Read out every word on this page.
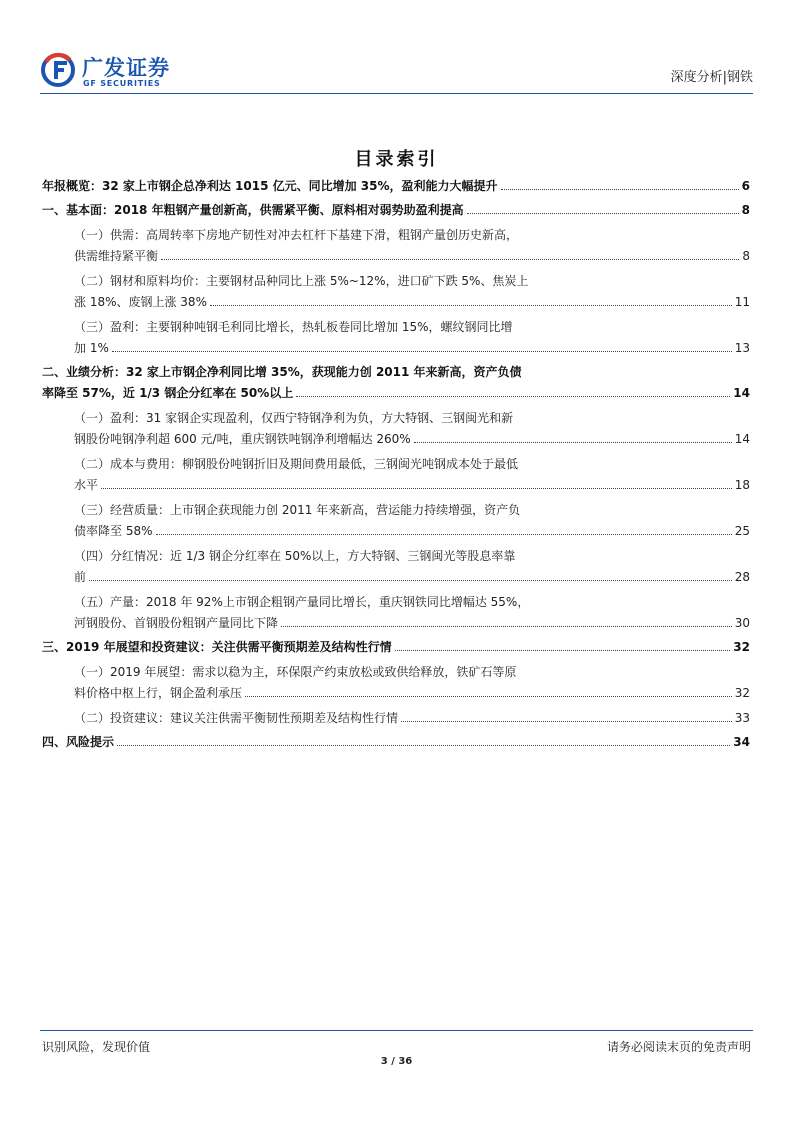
广发证券
GF SECURITIES	深度分析|钢铁
目录索引
年报概览：32 家上市钢企总净利达 1015 亿元、同比增加 35%，盈利能力大幅提升	6
一、基本面：2018 年粗钢产量创新高，供需紧平衡、原料相对弱势助盈利提高	8
（一）供需：高周转率下房地产韧性对冲去杠杆下基建下滑，粗钢产量创历史新高，
供需维持紧平衡	8
（二）钢材和原料均价：主要钢材品种同比上涨 5%~12%，进口矿下跌 5%、焦炭上
涨 18%、废钢上涨 38%	11
（三）盈利：主要钢种吨钢毛利同比增长，热轧板卷同比增加 15%，螺纹钢同比增
加 1%	13
二、业绩分析：32 家上市钢企净利同比增 35%，获现能力创 2011 年来新高，资产负债
率降至 57%，近 1/3 钢企分红率在 50%以上	14
（一）盈利：31 家钢企实现盈利，仅西宁特钢净利为负，方大特钢、三钢闽光和新
钢股份吨钢净利超 600 元/吨，重庆钢铁吨钢净利增幅达 260%	14
（二）成本与费用：柳钢股份吨钢折旧及期间费用最低，三钢闽光吨钢成本处于最低
水平	18
（三）经营质量：上市钢企获现能力创 2011 年来新高，营运能力持续增强，资产负
债率降至 58%	25
（四）分红情况：近 1/3 钢企分红率在 50%以上，方大特钢、三钢闽光等股息率靠
前	28
（五）产量：2018 年 92%上市钢企粗钢产量同比增长，重庆钢铁同比增幅达 55%，
河钢股份、首钢股份粗钢产量同比下降	30
三、2019 年展望和投资建议：关注供需平衡预期差及结构性行情	32
（一）2019 年展望：需求以稳为主，环保限产约束放松或致供给释放，铁矿石等原
料价格中枢上行，钢企盈利承压	32
（二）投资建议：建议关注供需平衡韧性预期差及结构性行情	33
四、风险提示	34
识别风险，发现价值	请务必阅读末页的免责声明
3 / 36
